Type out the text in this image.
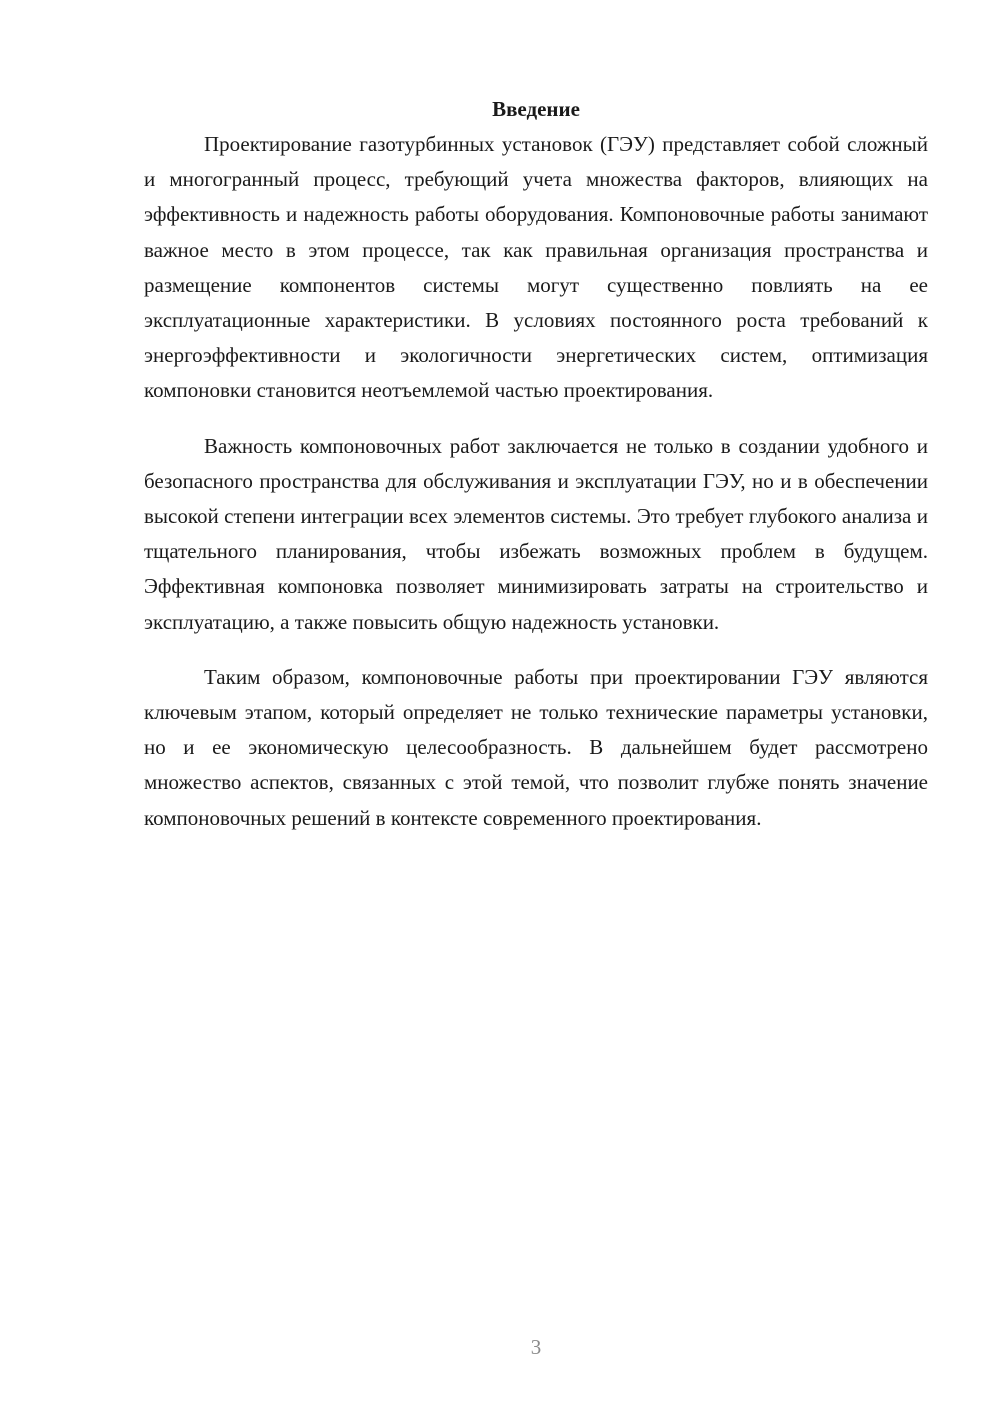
Введение

Проектирование газотурбинных установок (ГЭУ) представляет собой сложный и многогранный процесс, требующий учета множества факторов, влияющих на эффективность и надежность работы оборудования. Компоновочные работы занимают важное место в этом процессе, так как правильная организация пространства и размещение компонентов системы могут существенно повлиять на ее эксплуатационные характеристики. В условиях постоянного роста требований к энергоэффективности и экологичности энергетических систем, оптимизация компоновки становится неотъемлемой частью проектирования.

Важность компоновочных работ заключается не только в создании удобного и безопасного пространства для обслуживания и эксплуатации ГЭУ, но и в обеспечении высокой степени интеграции всех элементов системы. Это требует глубокого анализа и тщательного планирования, чтобы избежать возможных проблем в будущем. Эффективная компоновка позволяет минимизировать затраты на строительство и эксплуатацию, а также повысить общую надежность установки.

Таким образом, компоновочные работы при проектировании ГЭУ являются ключевым этапом, который определяет не только технические параметры установки, но и ее экономическую целесообразность. В дальнейшем будет рассмотрено множество аспектов, связанных с этой темой, что позволит глубже понять значение компоновочных решений в контексте современного проектирования.

3
